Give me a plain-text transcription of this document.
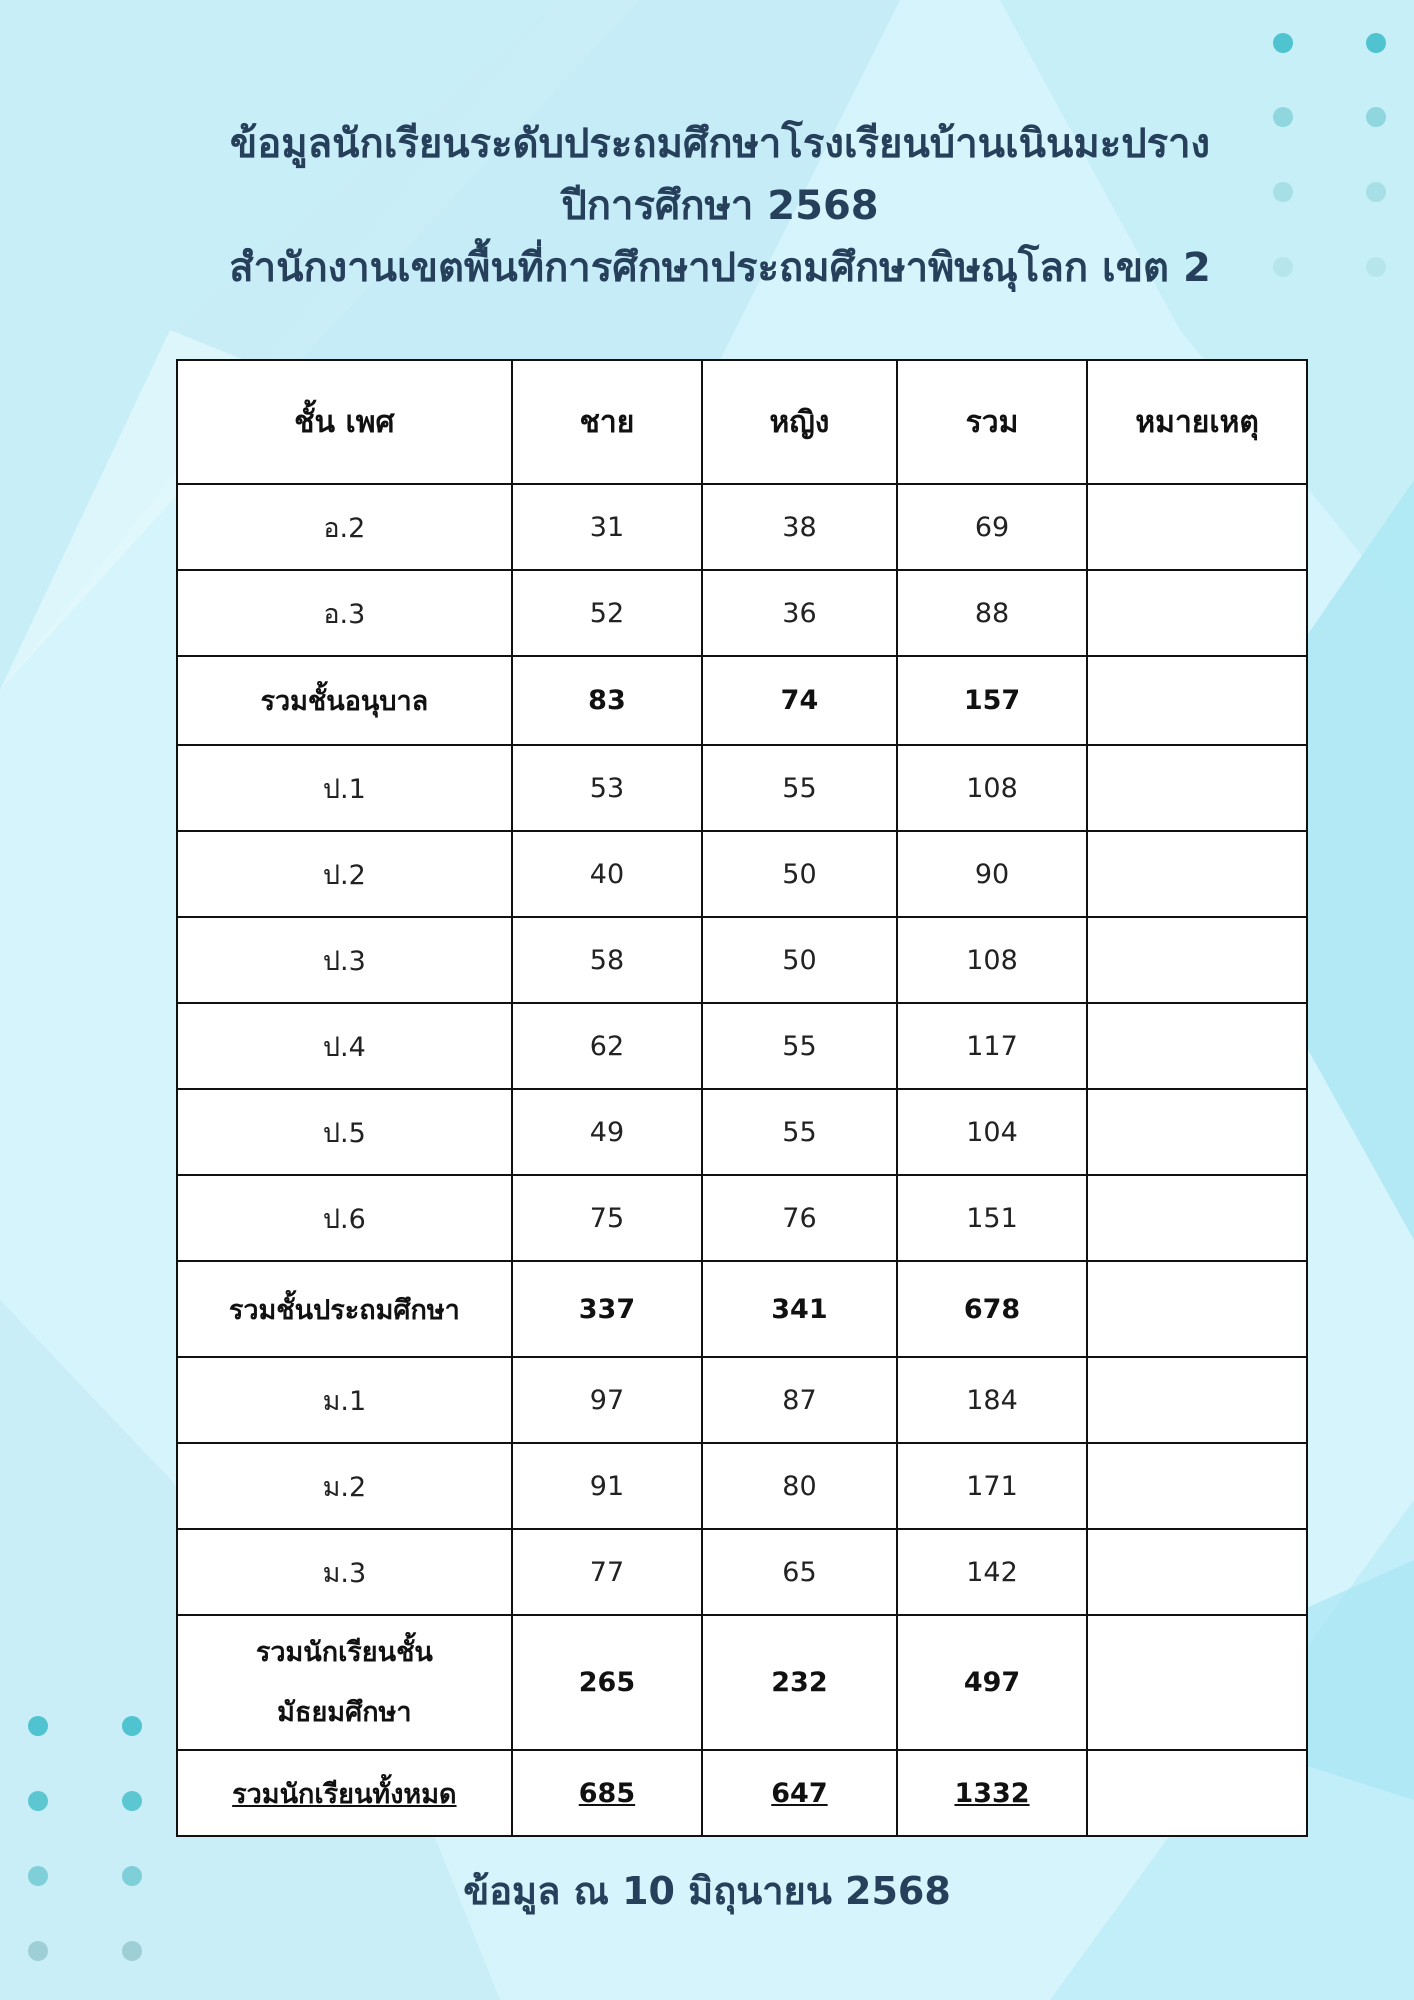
ข้อมูลนักเรียนระดับประถมศึกษาโรงเรียนบ้านเนินมะปราง
ปีการศึกษา 2568
สำนักงานเขตพื้นที่การศึกษาประถมศึกษาพิษณุโลก เขต 2
ชั้น เพศ	ชาย	หญิง	รวม	หมายเหตุ
อ.2	31	38	69	
อ.3	52	36	88	
รวมชั้นอนุบาล	83	74	157	
ป.1	53	55	108	
ป.2	40	50	90	
ป.3	58	50	108	
ป.4	62	55	117	
ป.5	49	55	104	
ป.6	75	76	151	
รวมชั้นประถมศึกษา	337	341	678	
ม.1	97	87	184	
ม.2	91	80	171	
ม.3	77	65	142	
รวมนักเรียนชั้นมัธยมศึกษา	265	232	497	
รวมนักเรียนทั้งหมด	685	647	1332	
ข้อมูล ณ 10 มิถุนายน 2568
